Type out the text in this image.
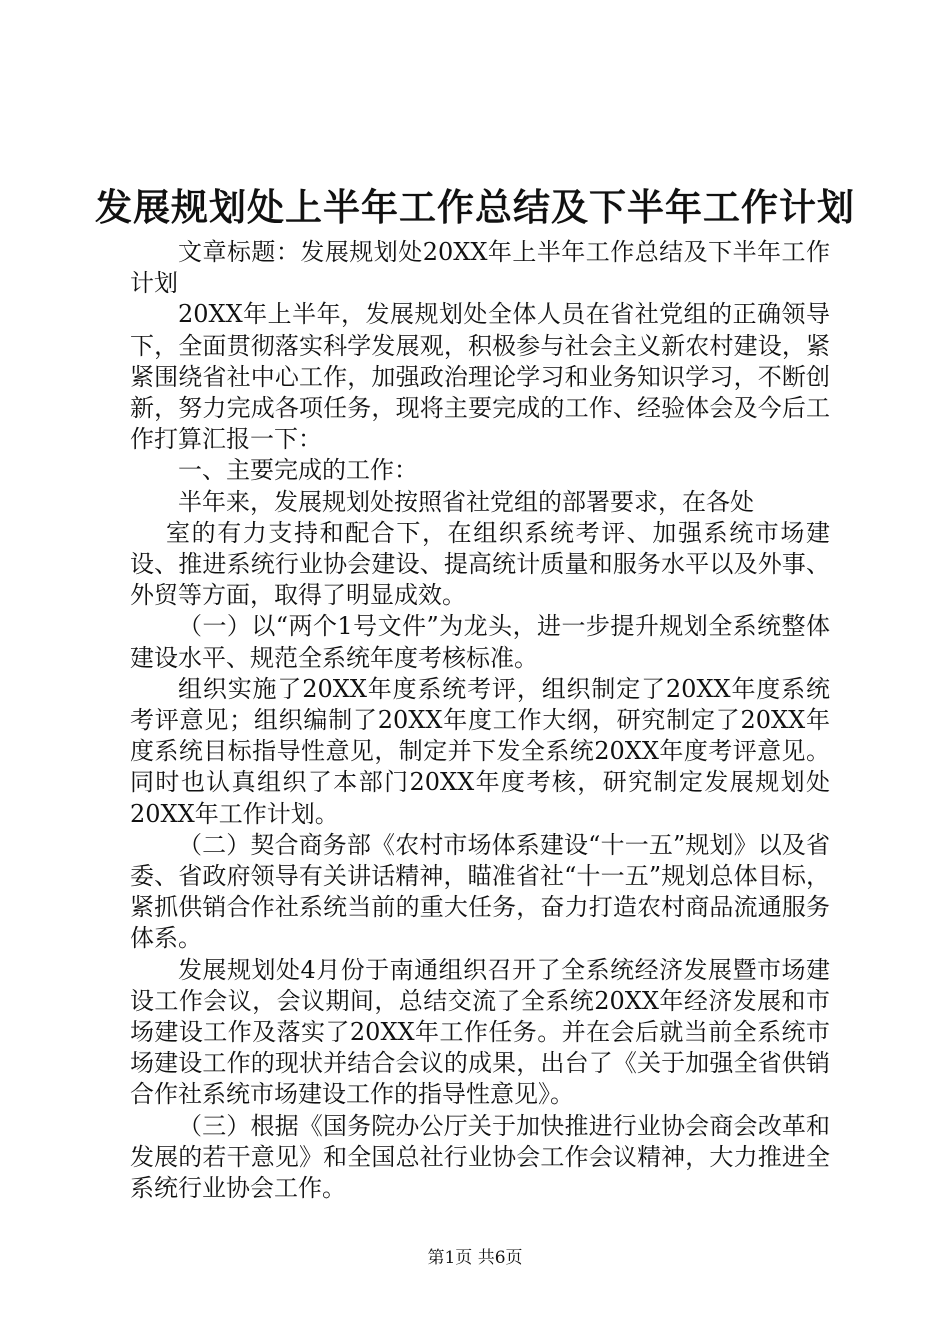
发展规划处上半年工作总结及下半年工作计划

文章标题：发展规划处20XX年上半年工作总结及下半年工作计划

20XX年上半年，发展规划处全体人员在省社党组的正确领导下，全面贯彻落实科学发展观，积极参与社会主义新农村建设，紧紧围绕省社中心工作，加强政治理论学习和业务知识学习，不断创新，努力完成各项任务，现将主要完成的工作、经验体会及今后工作打算汇报一下：

一、主要完成的工作：

半年来，发展规划处按照省社党组的部署要求，在各处

室的有力支持和配合下，在组织系统考评、加强系统市场建设、推进系统行业协会建设、提高统计质量和服务水平以及外事、外贸等方面，取得了明显成效。

（一）以“两个1号文件”为龙头，进一步提升规划全系统整体建设水平、规范全系统年度考核标准。

组织实施了20XX年度系统考评，组织制定了20XX年度系统考评意见；组织编制了20XX年度工作大纲，研究制定了20XX年度系统目标指导性意见，制定并下发全系统20XX年度考评意见。同时也认真组织了本部门20XX年度考核，研究制定发展规划处20XX年工作计划。

（二）契合商务部《农村市场体系建设“十一五”规划》以及省委、省政府领导有关讲话精神，瞄准省社“十一五”规划总体目标，紧抓供销合作社系统当前的重大任务，奋力打造农村商品流通服务体系。

发展规划处4月份于南通组织召开了全系统经济发展暨市场建设工作会议，会议期间，总结交流了全系统20XX年经济发展和市场建设工作及落实了20XX年工作任务。并在会后就当前全系统市场建设工作的现状并结合会议的成果，出台了《关于加强全省供销合作社系统市场建设工作的指导性意见》。

（三）根据《国务院办公厅关于加快推进行业协会商会改革和发展的若干意见》和全国总社行业协会工作会议精神，大力推进全系统行业协会工作。

第1页 共6页
